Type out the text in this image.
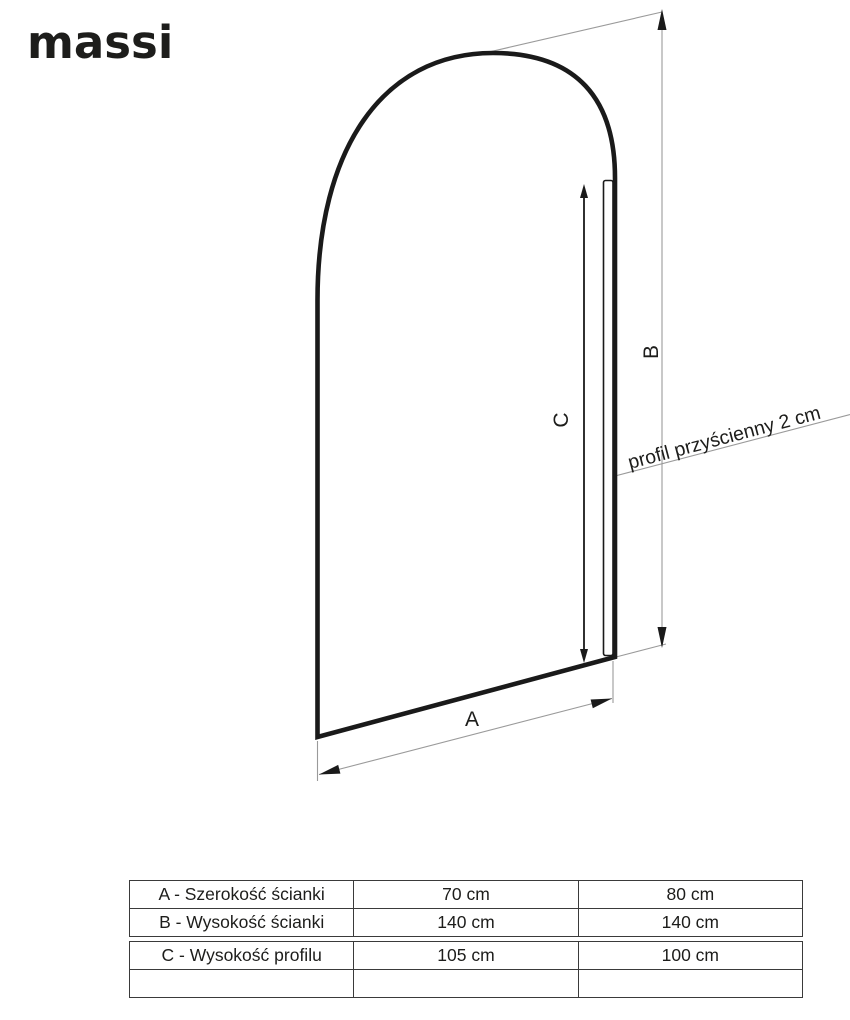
massi
A
B
C	profil przyścienny 2 cm
A - Szerokość ścianki	70 cm	80 cm
B - Wysokość ścianki	140 cm	140 cm
C - Wysokość profilu	105 cm	100 cm
